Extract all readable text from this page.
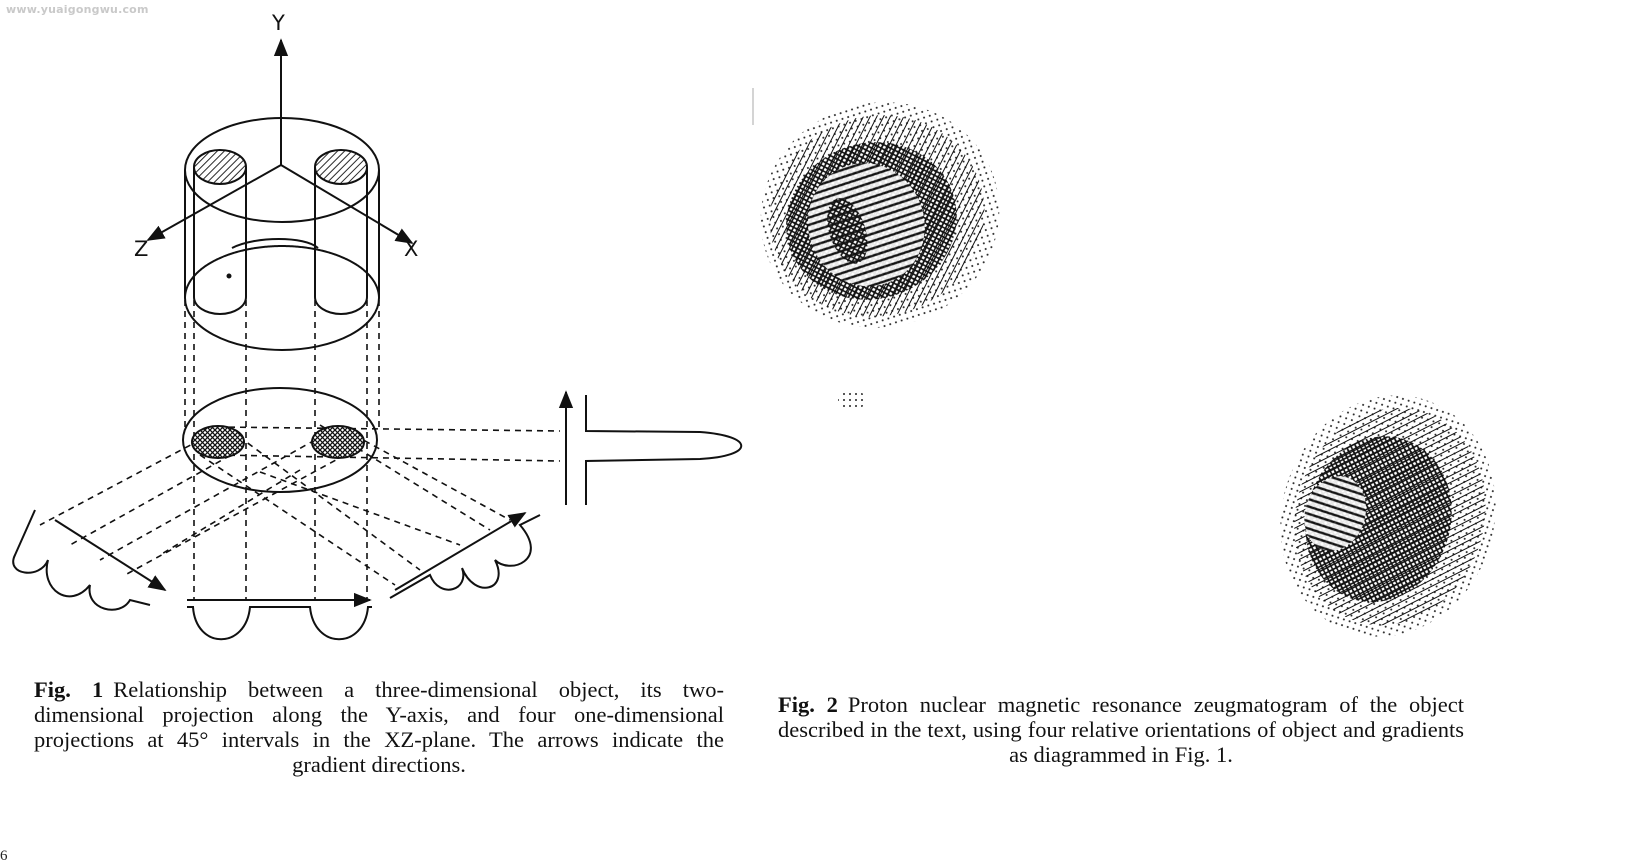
www.yuaigongwu.com
Y
Z	X
Fig. 1 Relationship between a three-dimensional object, its two-dimensional projection along the Y-axis, and four one-dimensional projections at 45° intervals in the XZ-plane. The arrows indicate the gradient directions.
Fig. 2 Proton nuclear magnetic resonance zeugmatogram of the object described in the text, using four relative orientations of object and gradients as diagrammed in Fig. 1.
6
